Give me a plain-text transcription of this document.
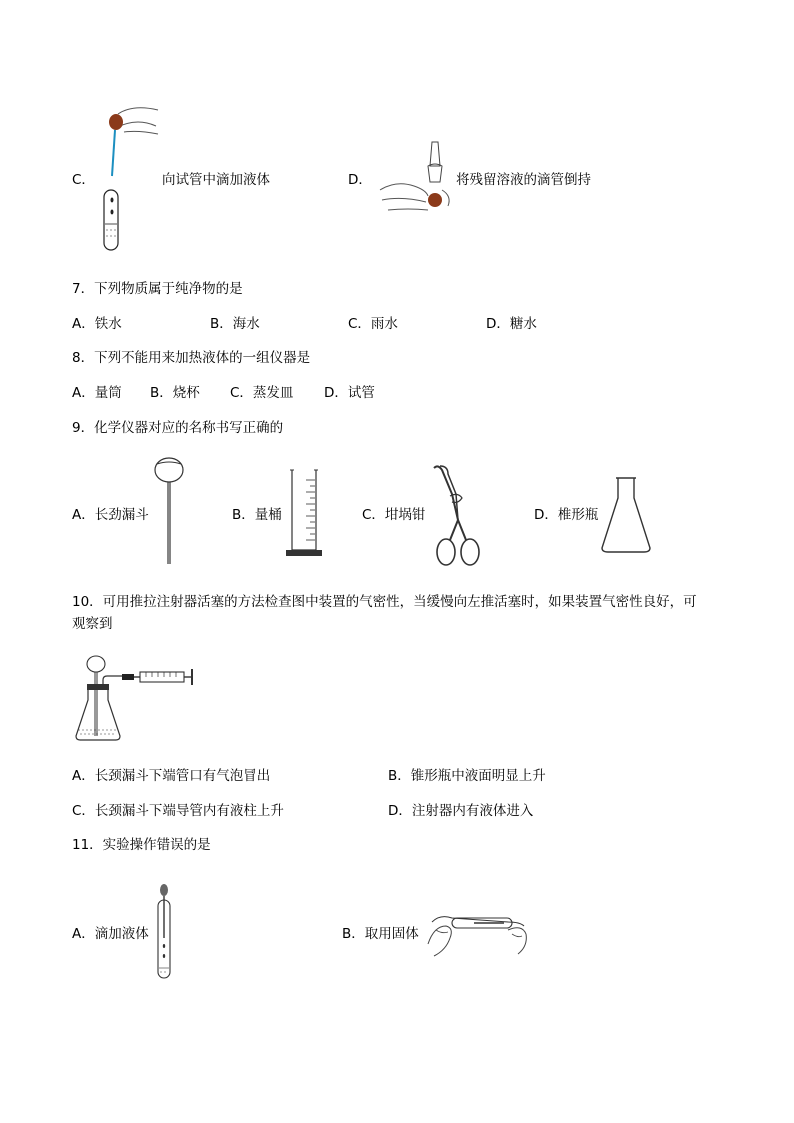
C．	向试管中滴加液体	D．	将残留溶液的滴管倒持
7．下列物质属于纯净物的是
A．铁水	B．海水	C．雨水	D．糖水
8．下列不能用来加热液体的一组仪器是
A．量筒 B．烧杯 C．蒸发皿 D．试管
9．化学仪器对应的名称书写正确的
A．长劲漏斗	B．量桶	C．坩埚钳	D．椎形瓶
10．可用推拉注射器活塞的方法检查图中装置的气密性，当缓慢向左推活塞时，如果装置气密性良好，可
观察到
A．长颈漏斗下端管口有气泡冒出	B．锥形瓶中液面明显上升
C．长颈漏斗下端导管内有液柱上升	D．注射器内有液体进入
11．实验操作错误的是
A．滴加液体	B．取用固体
